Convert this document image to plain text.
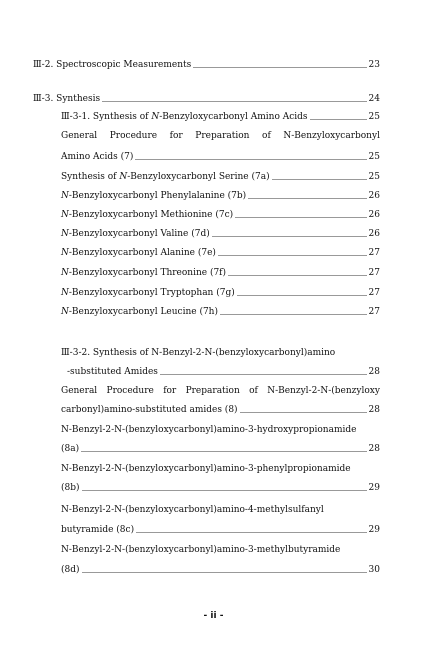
Ⅲ-2. Spectroscopic Measurements	23
Ⅲ-3. Synthesis	24
Ⅲ-3-1. Synthesis of N-Benzyloxycarbonyl Amino Acids	25
General Procedure for Preparation of N-Benzyloxycarbonyl
Amino Acids (7)	25
Synthesis of N-Benzyloxycarbonyl Serine (7a)	25
N-Benzyloxycarbonyl Phenylalanine (7b)	26
N-Benzyloxycarbonyl Methionine (7c)	26
N-Benzyloxycarbonyl Valine (7d)	26
N-Benzyloxycarbonyl Alanine (7e)	27
N-Benzyloxycarbonyl Threonine (7f)	27
N-Benzyloxycarbonyl Tryptophan (7g)	27
N-Benzyloxycarbonyl Leucine (7h)	27
Ⅲ-3-2. Synthesis of N-Benzyl-2-N-(benzyloxycarbonyl)amino
-substituted Amides	28
General Procedure for Preparation of N-Benzyl-2-N-(benzyloxy
carbonyl)amino-substituted amides (8)	28
N-Benzyl-2-N-(benzyloxycarbonyl)amino-3-hydroxypropionamide
(8a)	28
N-Benzyl-2-N-(benzyloxycarbonyl)amino-3-phenylpropionamide
(8b)	29
N-Benzyl-2-N-(benzyloxycarbonyl)amino-4-methylsulfanyl
butyramide (8c)	29
N-Benzyl-2-N-(benzyloxycarbonyl)amino-3-methylbutyramide
(8d)	30
- ii -
